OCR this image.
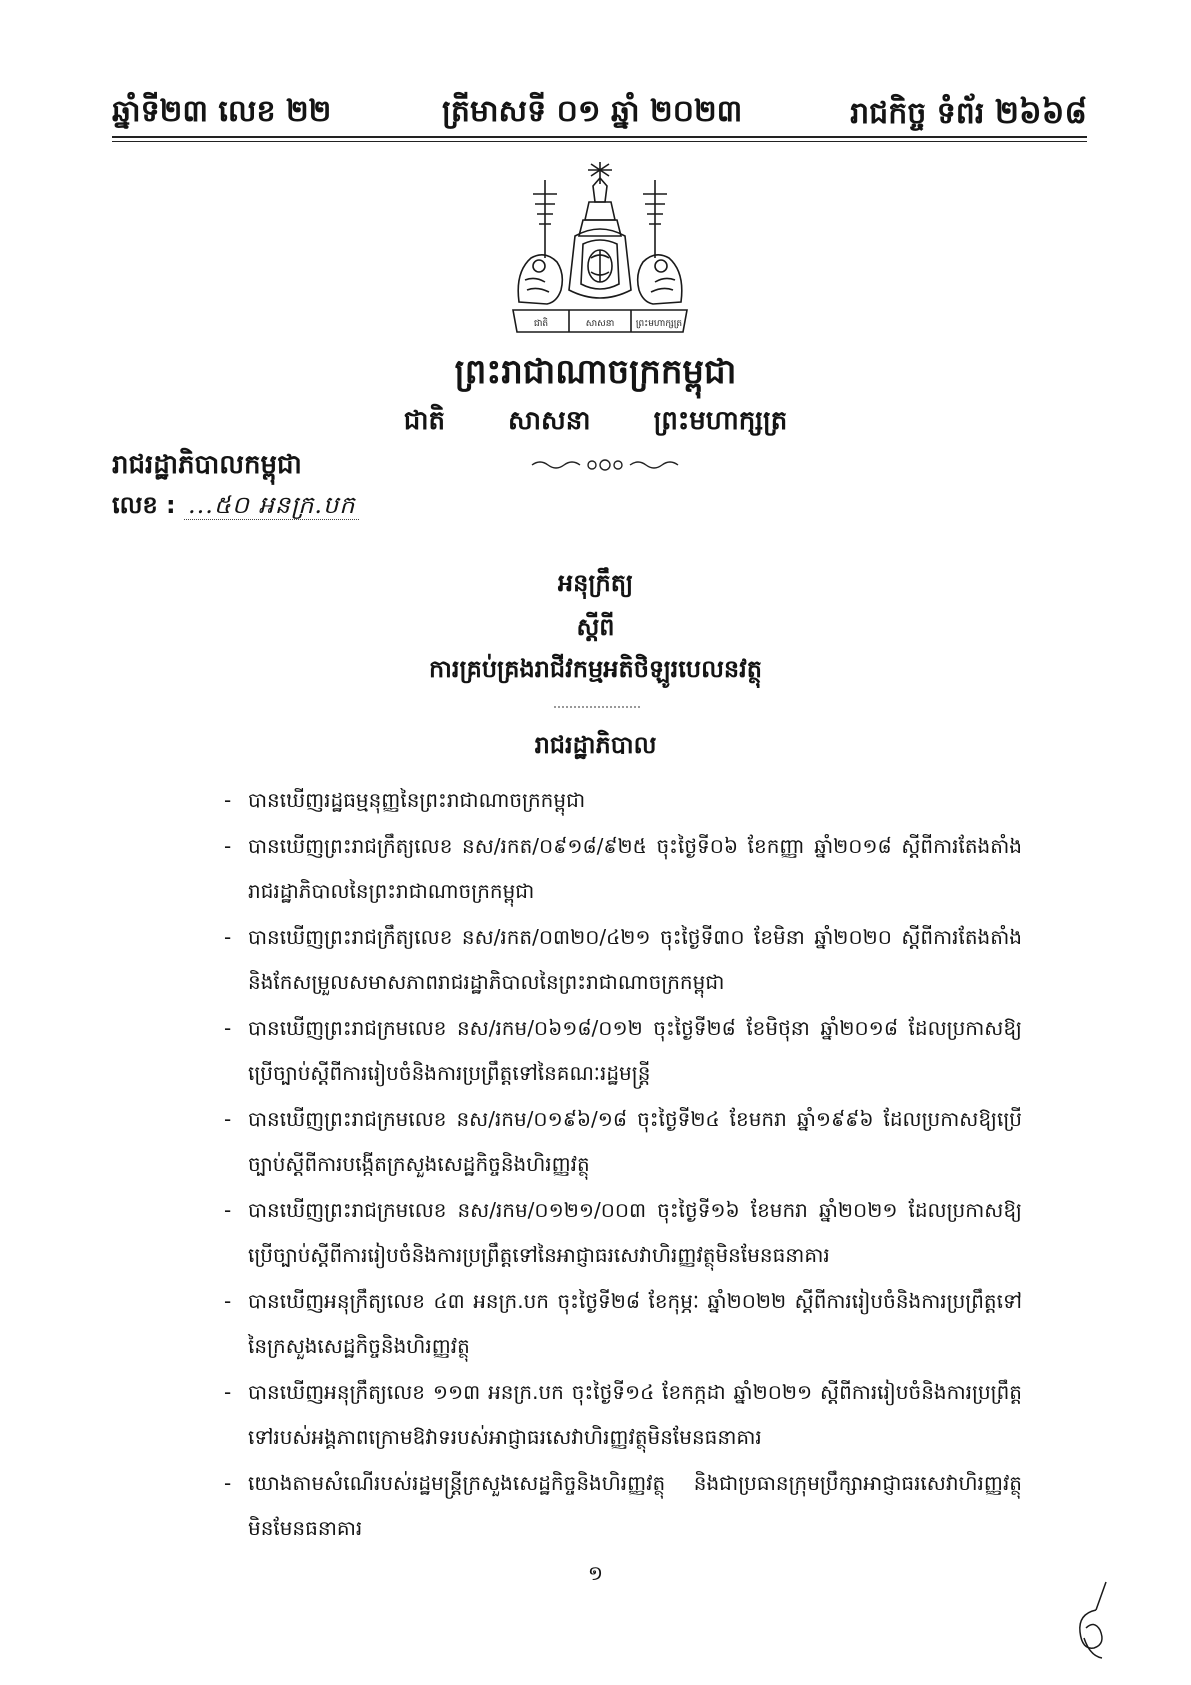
ឆ្នាំទី២៣ លេខ ២២	ត្រីមាសទី ០១ ឆ្នាំ ២០២៣	រាជកិច្ច ទំព័រ ២៦៦៨
ជាតិ	សាសនា ព្រះមហាក្សត្រ
ព្រះរាជាណាចក្រកម្ពុជា
ជាតិ សាសនា ព្រះមហាក្សត្រ
រាជរដ្ឋាភិបាលកម្ពុជា
លេខ : ...៥០ អនក្រ.បក
អនុក្រឹត្យ
ស្តីពី
ការគ្រប់គ្រងរាជីវកម្មអតិថិឡូរបេលនវត្ថុ
រាជរដ្ឋាភិបាល
- បានឃើញរដ្ឋធម្មនុញ្ញនៃព្រះរាជាណាចក្រកម្ពុជា
- បានឃើញព្រះរាជក្រឹត្យលេខ នស/រកត/០៩១៨/៩២៥ ចុះថ្ងៃទី០៦ ខែកញ្ញា ឆ្នាំ២០១៨ ស្តីពីការតែងតាំងរាជរដ្ឋាភិបាលនៃព្រះរាជាណាចក្រកម្ពុជា
- បានឃើញព្រះរាជក្រឹត្យលេខ នស/រកត/០៣២០/៤២១ ចុះថ្ងៃទី៣០ ខែមិនា ឆ្នាំ២០២០ ស្តីពីការតែងតាំង និងកែសម្រួលសមាសភាពរាជរដ្ឋាភិបាលនៃព្រះរាជាណាចក្រកម្ពុជា
- បានឃើញព្រះរាជក្រមលេខ នស/រកម/០៦១៨/០១២ ចុះថ្ងៃទី២៨ ខែមិថុនា ឆ្នាំ២០១៨ ដែលប្រកាសឱ្យប្រើច្បាប់ស្តីពីការរៀបចំនិងការប្រព្រឹត្តទៅនៃគណៈរដ្ឋមន្ត្រី
- បានឃើញព្រះរាជក្រមលេខ នស/រកម/០១៩៦/១៨ ចុះថ្ងៃទី២៤ ខែមករា ឆ្នាំ១៩៩៦ ដែលប្រកាសឱ្យប្រើច្បាប់ស្តីពីការបង្កើតក្រសួងសេដ្ឋកិច្ចនិងហិរញ្ញវត្ថុ
- បានឃើញព្រះរាជក្រមលេខ នស/រកម/០១២១/០០៣ ចុះថ្ងៃទី១៦ ខែមករា ឆ្នាំ២០២១ ដែលប្រកាសឱ្យប្រើច្បាប់ស្តីពីការរៀបចំនិងការប្រព្រឹត្តទៅនៃអាជ្ញាធរសេវាហិរញ្ញវត្ថុមិនមែនធនាគារ
- បានឃើញអនុក្រឹត្យលេខ ៤៣ អនក្រ.បក ចុះថ្ងៃទី២៨ ខែកុម្ភៈ ឆ្នាំ២០២២ ស្តីពីការរៀបចំនិងការប្រព្រឹត្តទៅនៃក្រសួងសេដ្ឋកិច្ចនិងហិរញ្ញវត្ថុ
- បានឃើញអនុក្រឹត្យលេខ ១១៣ អនក្រ.បក ចុះថ្ងៃទី១៤ ខែកក្កដា ឆ្នាំ២០២១ ស្តីពីការរៀបចំនិងការប្រព្រឹត្តទៅរបស់អង្គភាពក្រោមឱវាទរបស់អាជ្ញាធរសេវាហិរញ្ញវត្ថុមិនមែនធនាគារ
- យោងតាមសំណើរបស់រដ្ឋមន្ត្រីក្រសួងសេដ្ឋកិច្ចនិងហិរញ្ញវត្ថុ និងជាប្រធានក្រុមប្រឹក្សាអាជ្ញាធរសេវាហិរញ្ញវត្ថុមិនមែនធនាគារ
១
